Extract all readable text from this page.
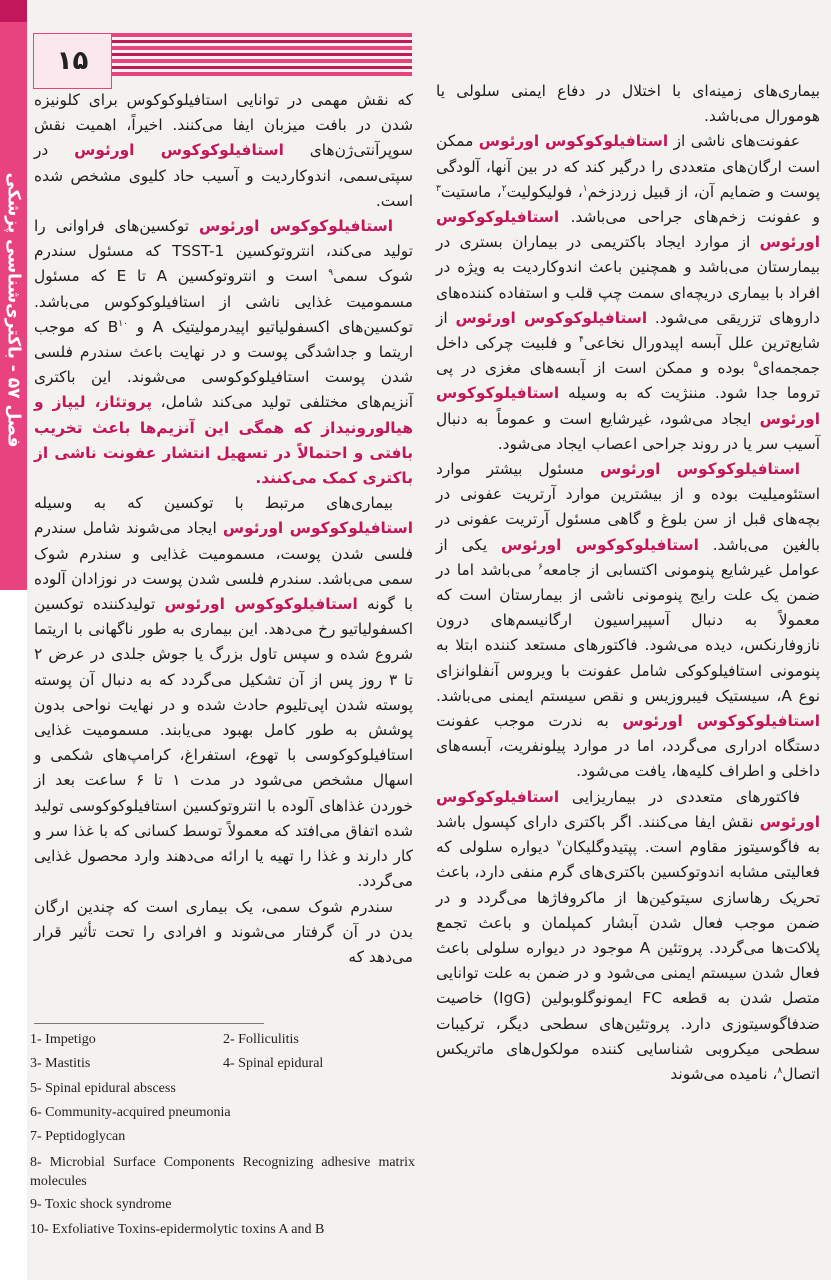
فصل ۵۷ - باکتری‌شناسی پزشکی
۱۵

که نقش مهمی در توانایی استافیلوکوکوس برای کلونیزه شدن در بافت میزبان ایفا می‌کنند. اخیراً، اهمیت نقش سوپرآنتی‌ژن‌های استافیلوکوکوس اورئوس در سپتی‌سمی، اندوکاردیت و آسیب حاد کلیوی مشخص شده است.

استافیلوکوکوس اورئوس توکسین‌های فراوانی را تولید می‌کند، انتروتوکسین TSST-1 که مسئول سندرم شوک سمی$^۹$ است و انتروتوکسین A تا E که مسئول مسمومیت غذایی ناشی از استافیلوکوکوس می‌باشد. توکسین‌های اکسفولیاتیو اپیدرمولیتیک A و $B^{۱۰}$ که موجب اریتما و جداشدگی پوست و در نهایت باعث سندرم فلسی شدن پوست استافیلوکوکوسی می‌شوند. این باکتری آنزیم‌های مختلفی تولید می‌کند شامل، پروتئاز، لیپاز و هیالورونیداز که همگی این آنزیم‌ها باعث تخریب بافتی و احتمالاً در تسهیل انتشار عفونت ناشی از باکتری کمک می‌کنند.

بیماری‌های مرتبط با توکسین که به وسیله استافیلوکوکوس اورئوس ایجاد می‌شوند شامل سندرم فلسی شدن پوست، مسمومیت غذایی و سندرم شوک سمی می‌باشد. سندرم فلسی شدن پوست در نوزادان آلوده با گونه استافیلوکوکوس اورئوس تولیدکننده توکسین اکسفولیاتیو رخ می‌دهد. این بیماری به طور ناگهانی با اریتما شروع شده و سپس تاول بزرگ یا جوش جلدی در عرض ۲ تا ۳ روز پس از آن تشکیل می‌گردد که به دنبال آن پوسته پوسته شدن اپی‌تلیوم حادث شده و در نهایت نواحی بدون پوشش به طور کامل بهبود می‌یابند. مسمومیت غذایی استافیلوکوکوسی با تهوع، استفراغ، کرامپ‌های شکمی و اسهال مشخص می‌شود در مدت ۱ تا ۶ ساعت بعد از خوردن غذاهای آلوده با انتروتوکسین استافیلوکوکوسی تولید شده اتفاق می‌افتد که معمولاً توسط کسانی که با غذا سر و کار دارند و غذا را تهیه یا ارائه می‌دهند وارد محصول غذایی می‌گردد.

سندرم شوک سمی، یک بیماری است که چندین ارگان بدن در آن گرفتار می‌شوند و افرادی را تحت تأثیر قرار می‌دهد که

بیماری‌های زمینه‌ای با اختلال در دفاع ایمنی سلولی یا هومورال می‌باشد.

عفونت‌های ناشی از استافیلوکوکوس اورئوس ممکن است ارگان‌های متعددی را درگیر کند که در بین آنها، آلودگی پوست و ضمایم آن، از قبیل زردزخم$^۱$، فولیکولیت$^۲$، ماستیت$^۳$ و عفونت زخم‌های جراحی می‌باشد. استافیلوکوکوس اورئوس از موارد ایجاد باکتریمی در بیماران بستری در بیمارستان می‌باشد و همچنین باعث اندوکاردیت به ویژه در افراد با بیماری دریچه‌ای سمت چپ قلب و استفاده کننده‌های داروهای تزریقی می‌شود. استافیلوکوکوس اورئوس از شایع‌ترین علل آبسه اپیدورال نخاعی$^۴$ و فلبیت چرکی داخل جمجمه‌ای$^۵$ بوده و ممکن است از آبسه‌های مغزی در پی تروما جدا شود. مننژیت که به وسیله استافیلوکوکوس اورئوس ایجاد می‌شود، غیرشایع است و عموماً به دنبال آسیب سر یا در روند جراحی اعصاب ایجاد می‌شود.

استافیلوکوکوس اورئوس مسئول بیشتر موارد استئومیلیت بوده و از بیشترین موارد آرتریت عفونی در بچه‌های قبل از سن بلوغ و گاهی مسئول آرتریت عفونی در بالغین می‌باشد. استافیلوکوکوس اورئوس یکی از عوامل غیرشایع پنومونی اکتسابی از جامعه$^۶$ می‌باشد اما در ضمن یک علت رایج پنومونی ناشی از بیمارستان است که معمولاً به دنبال آسپیراسیون ارگانیسم‌های درون نازوفارنکس، دیده می‌شود. فاکتورهای مستعد کننده ابتلا به پنومونی استافیلوکوکی شامل عفونت با ویروس آنفلوانزای نوع A، سیستیک فیبروزیس و نقص سیستم ایمنی می‌باشد. استافیلوکوکوس اورئوس به ندرت موجب عفونت دستگاه ادراری می‌گردد، اما در موارد پیلونفریت، آبسه‌های داخلی و اطراف کلیه‌ها، یافت می‌شود.

فاکتورهای متعددی در بیماریزایی استافیلوکوکوس اورئوس نقش ایفا می‌کنند. اگر باکتری دارای کپسول باشد به فاگوسیتوز مقاوم است. پپتیدوگلیکان$^۷$ دیواره سلولی که فعالیتی مشابه اندوتوکسین باکتری‌های گرم منفی دارد، باعث تحریک رهاسازی سیتوکین‌ها از ماکروفاژها می‌گردد و در ضمن موجب فعال شدن آبشار کمپلمان و باعث تجمع پلاکت‌ها می‌گردد. پروتئین A موجود در دیواره سلولی باعث فعال شدن سیستم ایمنی می‌شود و در ضمن به علت توانایی متصل شدن به قطعه FC ایمونوگلوبولین (IgG) خاصیت ضدفاگوسیتوزی دارد. پروتئین‌های سطحی دیگر، ترکیبات سطحی میکروبی شناسایی کننده مولکول‌های ماتریکس اتصال$^۸$، نامیده می‌شوند

1- Impetigo	2- Folliculitis
3- Mastitis	4- Spinal epidural
5- Spinal epidural abscess
6- Community-acquired pneumonia
7- Peptidoglycan
8- Microbial Surface Components Recognizing adhesive matrix molecules
9- Toxic shock syndrome
10- Exfoliative Toxins-epidermolytic toxins A and B
